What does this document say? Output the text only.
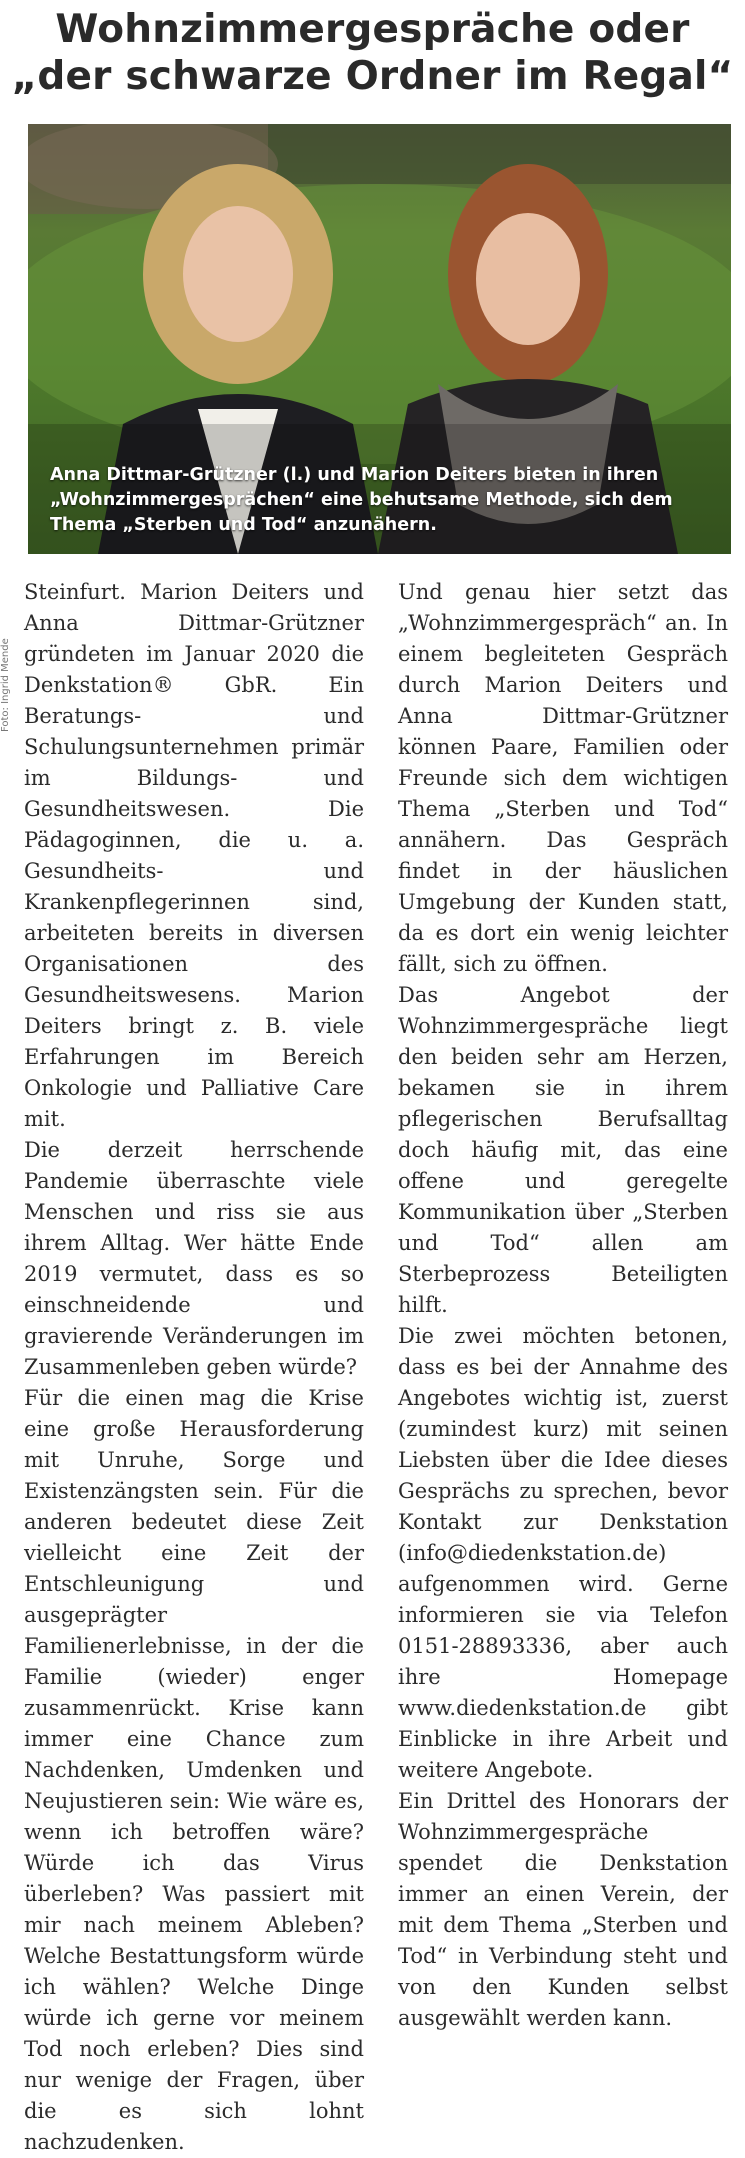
Wohnzimmergespräche oder
„der schwarze Ordner im Regal“
Anna Dittmar-Grützner (l.) und Marion Deiters bieten in ihren „Wohnzimmergesprächen“ eine behutsame Methode, sich dem Thema „Sterben und Tod“ anzunähern.
Foto: Ingrid Mende

Steinfurt. Marion Deiters und Anna Dittmar-Grützner gründeten im Januar 2020 die Denkstation® GbR. Ein Beratungs- und Schulungsunternehmen primär im Bildungs- und Gesundheitswesen. Die Pädagoginnen, die u. a. Gesundheits- und Krankenpflegerinnen sind, arbeiteten bereits in diversen Organisationen des Gesundheitswesens. Marion Deiters bringt z. B. viele Erfahrungen im Bereich Onkologie und Palliative Care mit.

Die derzeit herrschende Pandemie überraschte viele Menschen und riss sie aus ihrem Alltag. Wer hätte Ende 2019 vermutet, dass es so einschneidende und gravierende Veränderungen im Zusammenleben geben würde?

Für die einen mag die Krise eine große Herausforderung mit Unruhe, Sorge und Existenzängsten sein. Für die anderen bedeutet diese Zeit vielleicht eine Zeit der Entschleunigung und ausgeprägter Familienerlebnisse, in der die Familie (wieder) enger zusammenrückt. Krise kann immer eine Chance zum Nachdenken, Umdenken und Neujustieren sein: Wie wäre es, wenn ich betroffen wäre? Würde ich das Virus überleben? Was passiert mit mir nach meinem Ableben? Welche Bestattungsform würde ich wählen? Welche Dinge würde ich gerne vor meinem Tod noch erleben? Dies sind nur wenige der Fragen, über die es sich lohnt nachzudenken.

Und genau hier setzt das „Wohnzimmergespräch“ an. In einem begleiteten Gespräch durch Marion Deiters und Anna Dittmar-Grützner können Paare, Familien oder Freunde sich dem wichtigen Thema „Sterben und Tod“ annähern. Das Gespräch findet in der häuslichen Umgebung der Kunden statt, da es dort ein wenig leichter fällt, sich zu öffnen.

Das Angebot der Wohnzimmergespräche liegt den beiden sehr am Herzen, bekamen sie in ihrem pflegerischen Berufsalltag doch häufig mit, das eine offene und geregelte Kommunikation über „Sterben und Tod“ allen am Sterbeprozess Beteiligten hilft.

Die zwei möchten betonen, dass es bei der Annahme des Angebotes wichtig ist, zuerst (zumindest kurz) mit seinen Liebsten über die Idee dieses Gesprächs zu sprechen, bevor Kontakt zur Denkstation (info@diedenkstation.de) aufgenommen wird. Gerne informieren sie via Telefon 0151-28893336, aber auch ihre Homepage www.diedenkstation.de gibt Einblicke in ihre Arbeit und weitere Angebote.

Ein Drittel des Honorars der Wohnzimmergespräche spendet die Denkstation immer an einen Verein, der mit dem Thema „Sterben und Tod“ in Verbindung steht und von den Kunden selbst ausgewählt werden kann.
